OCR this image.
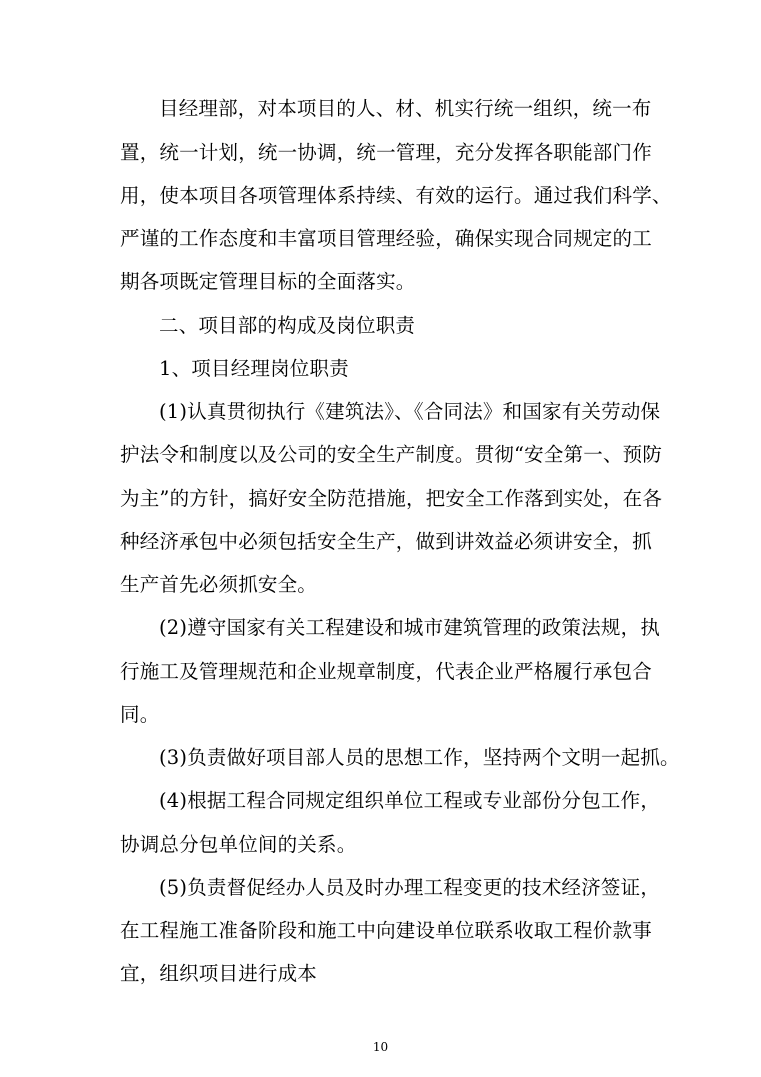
目经理部，对本项目的人、材、机实行统一组织，统一布
置，统一计划，统一协调，统一管理，充分发挥各职能部门作
用，使本项目各项管理体系持续、有效的运行。通过我们科学、
严谨的工作态度和丰富项目管理经验，确保实现合同规定的工
期各项既定管理目标的全面落实。
二、项目部的构成及岗位职责
1、项目经理岗位职责
(1)认真贯彻执行《建筑法》、《合同法》和国家有关劳动保
护法令和制度以及公司的安全生产制度。贯彻“安全第一、预防
为主”的方针，搞好安全防范措施，把安全工作落到实处，在各
种经济承包中必须包括安全生产，做到讲效益必须讲安全，抓
生产首先必须抓安全。
(2)遵守国家有关工程建设和城市建筑管理的政策法规，执
行施工及管理规范和企业规章制度，代表企业严格履行承包合
同。
(3)负责做好项目部人员的思想工作，坚持两个文明一起抓。
(4)根据工程合同规定组织单位工程或专业部份分包工作，
协调总分包单位间的关系。
(5)负责督促经办人员及时办理工程变更的技术经济签证，
在工程施工准备阶段和施工中向建设单位联系收取工程价款事
宜，组织项目进行成本
10
